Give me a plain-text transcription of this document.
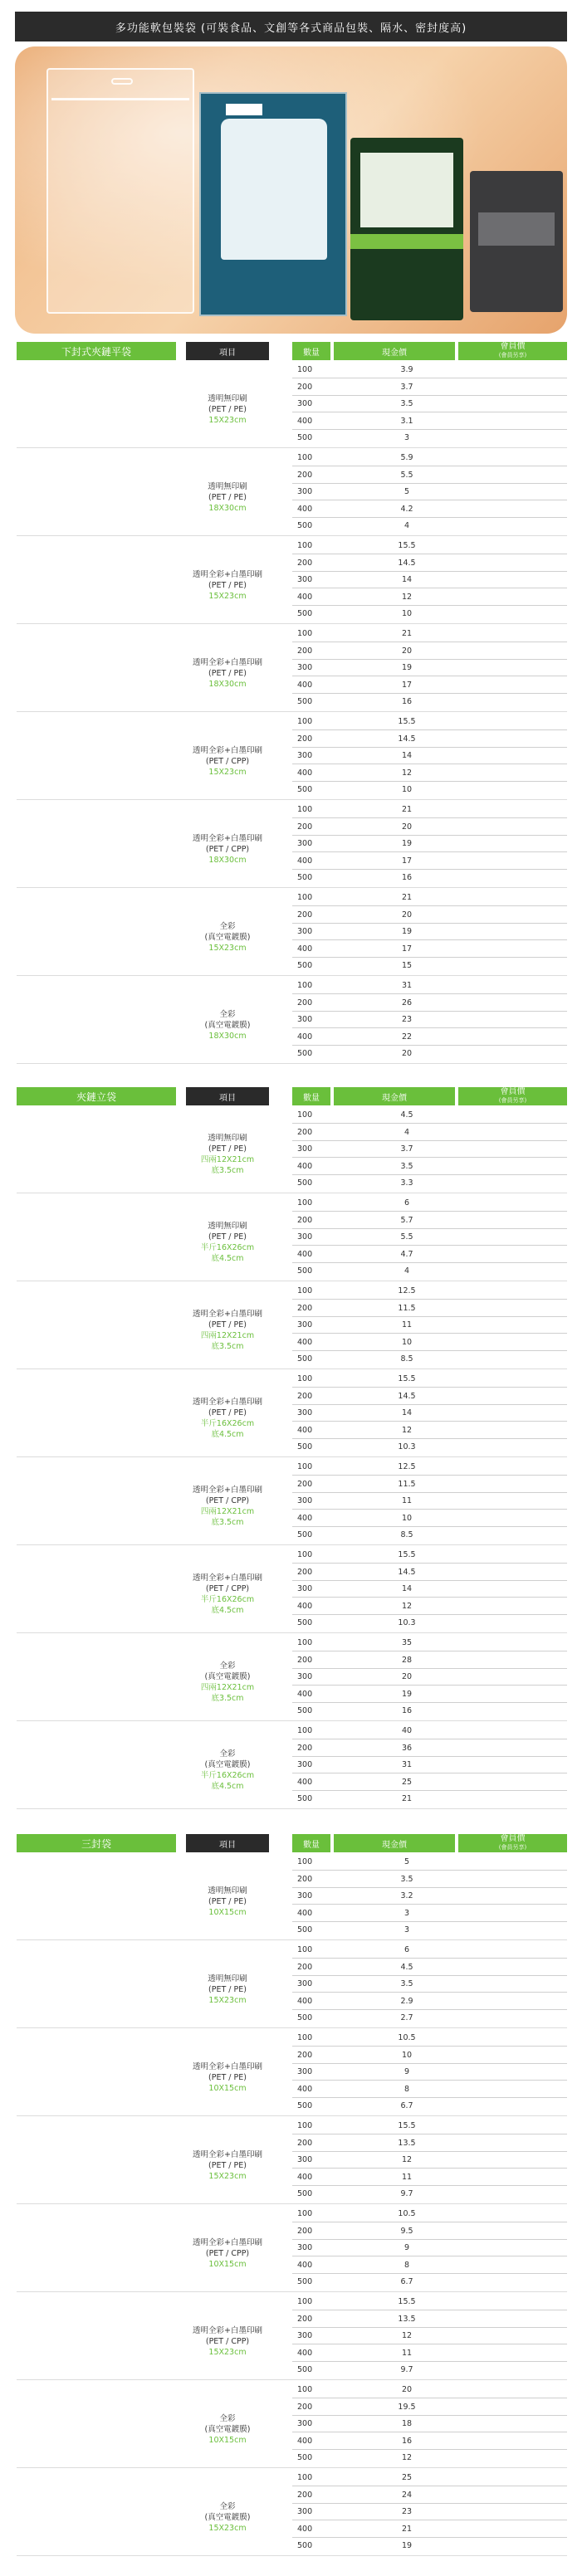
多功能軟包裝袋 (可裝食品、文創等各式商品包裝、隔水、密封度高)
下封式夾鏈平袋	項目	數量	現金價
會員價
(會員另享)
透明無印刷
(PET / PE)
15X23cm
100	3.9
200	3.7
300	3.5
400	3.1
500	3
透明無印刷
(PET / PE)
18X30cm
100	5.9
200	5.5
300	5
400	4.2
500	4
透明全彩+白墨印刷
(PET / PE)
15X23cm
100	15.5
200	14.5
300	14
400	12
500	10
透明全彩+白墨印刷
(PET / PE)
18X30cm
100	21
200	20
300	19
400	17
500	16
透明全彩+白墨印刷
(PET / CPP)
15X23cm
100	15.5
200	14.5
300	14
400	12
500	10
透明全彩+白墨印刷
(PET / CPP)
18X30cm
100	21
200	20
300	19
400	17
500	16
全彩
(真空電鍍膜)
15X23cm
100	21
200	20
300	19
400	17
500	15
全彩
(真空電鍍膜)
18X30cm
100	31
200	26
300	23
400	22
500	20
夾鏈立袋	項目	數量	現金價
會員價
(會員另享)
透明無印刷
(PET / PE)
四兩12X21cm
底3.5cm
100	4.5
200	4
300	3.7
400	3.5
500	3.3
透明無印刷
(PET / PE)
半斤16X26cm
底4.5cm
100	6
200	5.7
300	5.5
400	4.7
500	4
透明全彩+白墨印刷
(PET / PE)
四兩12X21cm
底3.5cm
100	12.5
200	11.5
300	11
400	10
500	8.5
透明全彩+白墨印刷
(PET / PE)
半斤16X26cm
底4.5cm
100	15.5
200	14.5
300	14
400	12
500	10.3
透明全彩+白墨印刷
(PET / CPP)
四兩12X21cm
底3.5cm
100	12.5
200	11.5
300	11
400	10
500	8.5
透明全彩+白墨印刷
(PET / CPP)
半斤16X26cm
底4.5cm
100	15.5
200	14.5
300	14
400	12
500	10.3
全彩
(真空電鍍膜)
四兩12X21cm
底3.5cm
100	35
200	28
300	20
400	19
500	16
全彩
(真空電鍍膜)
半斤16X26cm
底4.5cm
100	40
200	36
300	31
400	25
500	21
三封袋	項目	數量	現金價
會員價
(會員另享)
透明無印刷
(PET / PE)
10X15cm
100	5
200	3.5
300	3.2
400	3
500	3
透明無印刷
(PET / PE)
15X23cm
100	6
200	4.5
300	3.5
400	2.9
500	2.7
透明全彩+白墨印刷
(PET / PE)
10X15cm
100	10.5
200	10
300	9
400	8
500	6.7
透明全彩+白墨印刷
(PET / PE)
15X23cm
100	15.5
200	13.5
300	12
400	11
500	9.7
透明全彩+白墨印刷
(PET / CPP)
10X15cm
100	10.5
200	9.5
300	9
400	8
500	6.7
透明全彩+白墨印刷
(PET / CPP)
15X23cm
100	15.5
200	13.5
300	12
400	11
500	9.7
全彩
(真空電鍍膜)
10X15cm
100	20
200	19.5
300	18
400	16
500	12
全彩
(真空電鍍膜)
15X23cm
100	25
200	24
300	23
400	21
500	19
